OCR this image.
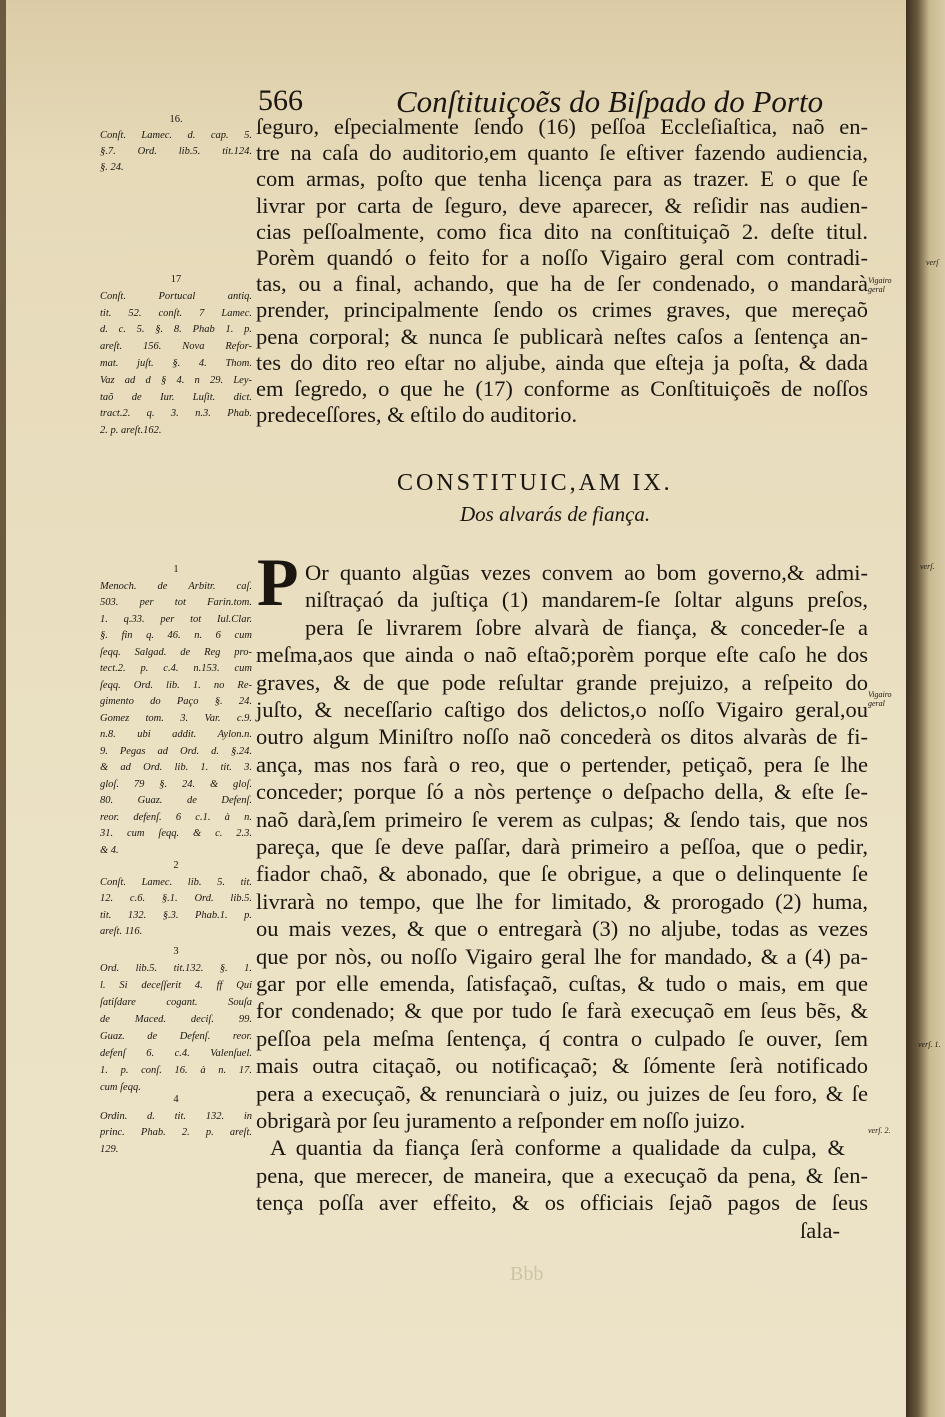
566	Conſtituiçoẽs do Biſpado do Porto
CONSTITUIC,AM IX.
Dos alvarás de fiança.
P
Bbb
ſeguro, eſpecialmente ſendo (16) peſſoa Eccleſiaſtica, naõ en-
tre na caſa do auditorio,em quanto ſe eſtiver fazendo audiencia,
com armas, poſto que tenha licença para as trazer. E o que ſe
livrar por carta de ſeguro, deve aparecer, & reſidir nas audien-
cias peſſoalmente, como fica dito na conſtituiçaõ 2. deſte titul.
Porèm quandó o feito for a noſſo Vigairo geral com contradi-
tas, ou a final, achando, que ha de ſer condenado, o mandarà
prender, principalmente ſendo os crimes graves, que mereçaõ
pena corporal; & nunca ſe publicarà neſtes caſos a ſentença an-
tes do dito reo eſtar no aljube, ainda que eſteja ja poſta, & dada
em ſegredo, o que he (17) conforme as Conſtituiçoẽs de noſſos
predeceſſores, & eſtilo do auditorio.
Or quanto algũas vezes convem ao bom governo,& admi-
niſtraçaó da juſtiça (1) mandarem-ſe ſoltar alguns preſos,
pera ſe livrarem ſobre alvarà de fiança, & conceder-ſe a
meſma,aos que ainda o naõ eſtaõ;porèm porque eſte caſo he dos
graves, & de que pode reſultar grande prejuizo, a reſpeito do
juſto, & neceſſario caſtigo dos delictos,o noſſo Vigairo geral,ou
outro algum Miniſtro noſſo naõ concederà os ditos alvaràs de fi-
ança, mas nos farà o reo, que o pertender, petiçaõ, pera ſe lhe
conceder; porque ſó a nòs pertençe o deſpacho della, & eſte ſe-
naõ darà,ſem primeiro ſe verem as culpas; & ſendo tais, que nos
pareça, que ſe deve paſſar, darà primeiro a peſſoa, que o pedir,
fiador chaõ, & abonado, que ſe obrigue, a que o delinquente ſe
livrarà no tempo, que lhe for limitado, & prorogado (2) huma,
ou mais vezes, & que o entregarà (3) no aljube, todas as vezes
que por nòs, ou noſſo Vigairo geral lhe for mandado, & a (4) pa-
gar por elle emenda, ſatisfaçaõ, cuſtas, & tudo o mais, em que
for condenado; & que por tudo ſe farà execuçaõ em ſeus bẽs, &
peſſoa pela meſma ſentença, q́ contra o culpado ſe ouver, ſem
mais outra citaçaõ, ou notificaçaõ; & ſómente ſerà notificado
pera a execuçaõ, & renunciarà o juiz, ou juizes de ſeu foro, & ſe
obrigarà por ſeu juramento a reſponder em noſſo juizo.
A quantia da fiança ſerà conforme a qualidade da culpa, &
pena, que merecer, de maneira, que a execuçaõ da pena, & ſen-
tença poſſa aver effeito, & os officiais ſejaõ pagos de ſeus
ſala-
16.
Conſt. Lamec. d. cap. 5.
§.7. Ord. lib.5. tit.124.
§. 24.
17
Conſt. Portucal antiq.
tit. 52. conſt. 7 Lamec.
d. c. 5. §. 8. Phab 1. p.
areſt. 156. Nova Refor-
mat. juſt. §. 4. Thom.
Vaz ad d § 4. n 29. Ley-
taõ de Iur. Luſit. dict.
tract.2. q. 3. n.3. Phab.
2. p. areſt.162.
1
Menoch. de Arbitr. caſ.
503. per tot Farin.tom.
1. q.33. per tot Iul.Clar.
§. fin q. 46. n. 6 cum
ſeqq. Salgad. de Reg pro-
tect.2. p. c.4. n.153. cum
ſeqq. Ord. lib. 1. no Re-
gimento do Paço §. 24.
Gomez tom. 3. Var. c.9.
n.8. ubi addit. Aylon.n.
9. Pegas ad Ord. d. §.24.
& ad Ord. lib. 1. tit. 3.
gloſ. 79 §. 24. & gloſ.
80. Guaz. de Defenſ.
reor. defenſ. 6 c.1. à n.
31. cum ſeqq. & c. 2.3.
& 4.
2
Conſt. Lamec. lib. 5. tit.
12. c.6. §.1. Ord. lib.5.
tit. 132. §.3. Phab.1. p.
areſt. 116.
3
Ord. lib.5. tit.132. §. 1.
l. Si deceſſerit 4. ff Qui
ſatiſdare cogant. Souſa
de Maced. deciſ. 99.
Guaz. de Defenſ. reor.
defenſ 6. c.4. Valenſuel.
1. p. conſ. 16. à n. 17.
cum ſeqq.
4
Ordin. d. tit. 132. in
princ. Phab. 2. p. areſt.
129.
Vigairo geral
verſ.
Vigairo geral
verſ. 1.
verſ. 2.
verſ
